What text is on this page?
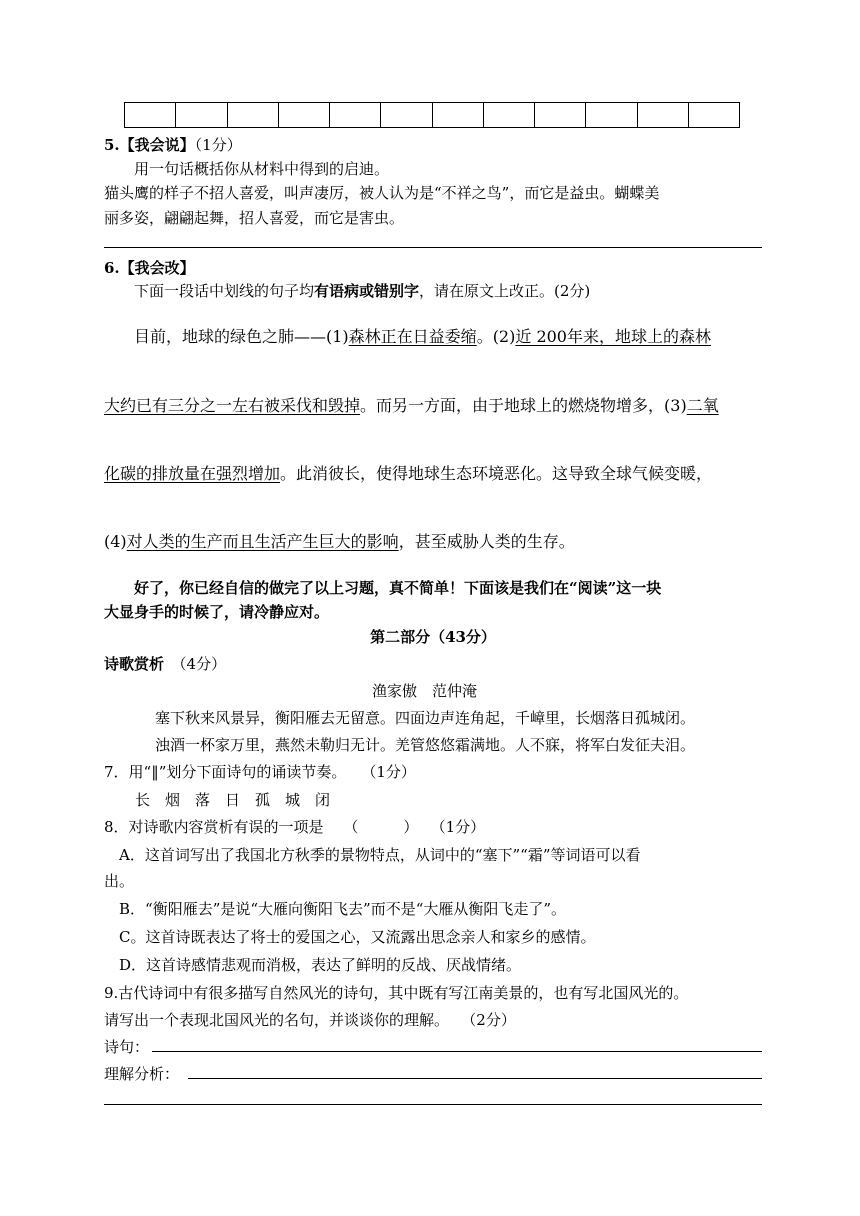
5.【我会说】（1分）
用一句话概括你从材料中得到的启迪。
猫头鹰的样子不招人喜爱，叫声凄厉，被人认为是“不祥之鸟”，而它是益虫。蝴蝶美
丽多姿，翩翩起舞，招人喜爱，而它是害虫。
6.【我会改】
下面一段话中划线的句子均有语病或错别字，请在原文上改正。(2分)
目前，地球的绿色之肺——(1)森林正在日益委缩。(2)近 200年来，地球上的森林
大约已有三分之一左右被采伐和毁掉。而另一方面，由于地球上的燃烧物增多，(3)二氧
化碳的排放量在强烈增加。此消彼长，使得地球生态环境恶化。这导致全球气候变暖，
(4)对人类的生产而且生活产生巨大的影响，甚至威胁人类的生存。
好了，你已经自信的做完了以上习题，真不简单！下面该是我们在“阅读”这一块
大显身手的时候了，请冷静应对。
第二部分（43分）
诗歌赏析　 （4分）
渔家傲　范仲淹
塞下秋来风景异，衡阳雁去无留意。四面边声连角起，千嶂里，长烟落日孤城闭。
浊酒一杯家万里，燕然未勒归无计。羌管悠悠霜满地。人不寐，将军白发征夫泪。
7．用“‖”划分下面诗句的诵读节奏。　　（1分）
长　烟　落　日　孤　城　闭
8．对诗歌内容赏析有误的一项是　 （　　　）　 （1分）
A．这首词写出了我国北方秋季的景物特点，从词中的“塞下”“霜”等词语可以看
出。
B．“衡阳雁去”是说“大雁向衡阳飞去”而不是“大雁从衡阳飞走了”。
C。这首诗既表达了将士的爱国之心，又流露出思念亲人和家乡的感情。
D．这首诗感情悲观而消极，表达了鲜明的反战、厌战情绪。
9.古代诗词中有很多描写自然风光的诗句，其中既有写江南美景的，也有写北国风光的。
请写出一个表现北国风光的名句，并谈谈你的理解。　 （2分）
诗句：
理解分析：
